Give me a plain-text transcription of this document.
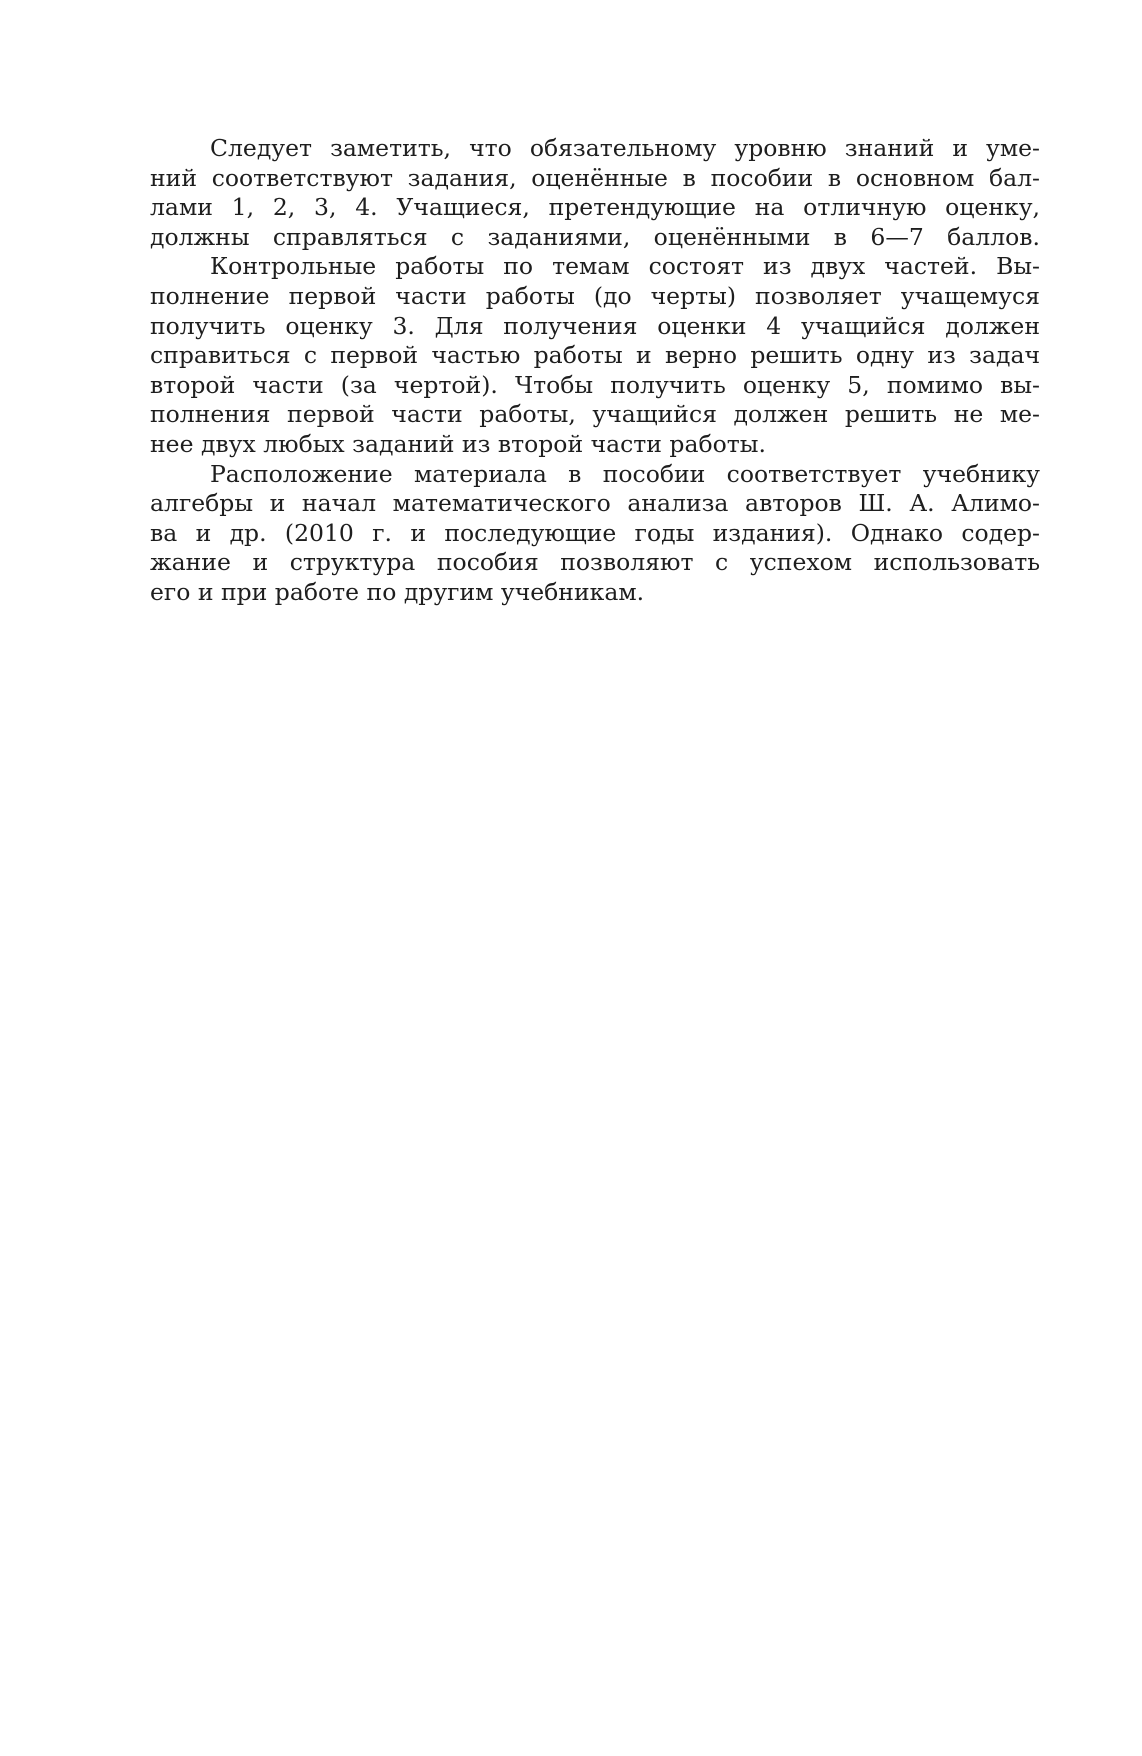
Следует заметить, что обязательному уровню знаний и уме-
ний соответствуют задания, оценённые в пособии в основном бал-
лами 1, 2, 3, 4. Учащиеся, претендующие на отличную оценку,
должны справляться с заданиями, оценёнными в 6—7 баллов.

Контрольные работы по темам состоят из двух частей. Вы-
полнение первой части работы (до черты) позволяет учащемуся
получить оценку 3. Для получения оценки 4 учащийся должен
справиться с первой частью работы и верно решить одну из задач
второй части (за чертой). Чтобы получить оценку 5, помимо вы-
полнения первой части работы, учащийся должен решить не ме-
нее двух любых заданий из второй части работы.

Расположение материала в пособии соответствует учебнику
алгебры и начал математического анализа авторов Ш. А. Алимо-
ва и др. (2010 г. и последующие годы издания). Однако содер-
жание и структура пособия позволяют с успехом использовать
его и при работе по другим учебникам.
